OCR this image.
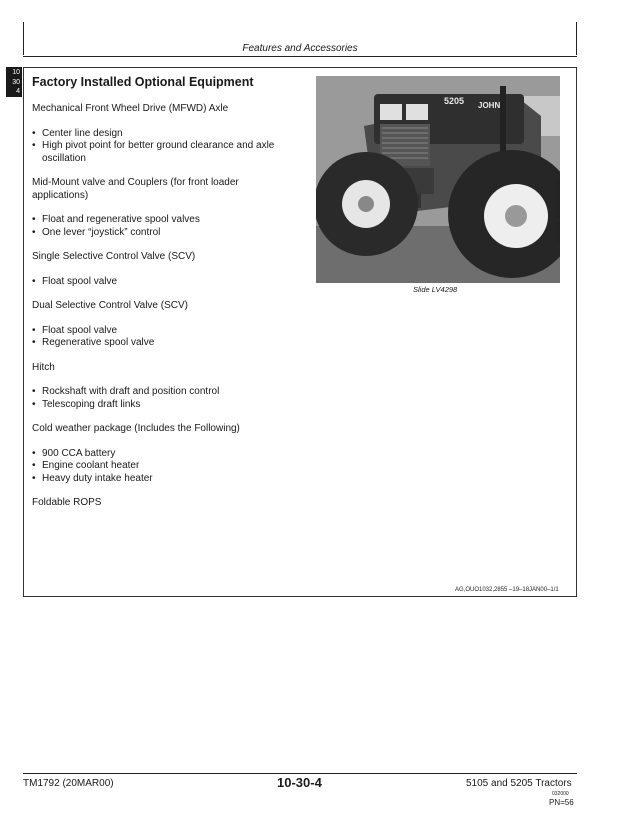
Features and Accessories
10
30
4
Factory Installed Optional Equipment

Mechanical Front Wheel Drive (MFWD) Axle

• Center line design
• High pivot point for better ground clearance and axle oscillation

Mid-Mount valve and Couplers (for front loader applications)

• Float and regenerative spool valves
• One lever “joystick” control

Single Selective Control Valve (SCV)

• Float spool valve

Dual Selective Control Valve (SCV)

• Float spool valve
• Regenerative spool valve

Hitch

• Rockshaft with draft and position control
• Telescoping draft links

Cold weather package (Includes the Following)

• 900 CCA battery
• Engine coolant heater
• Heavy duty intake heater

Foldable ROPS

5205 JOHN
LV4298 –UN–21SEP99
Slide LV4298
AG,OUO1032,2855 –19–18JAN00–1/1
TM1792 (20MAR00)	10-30-4	5105 and 5205 Tractors
032000
PN=56
